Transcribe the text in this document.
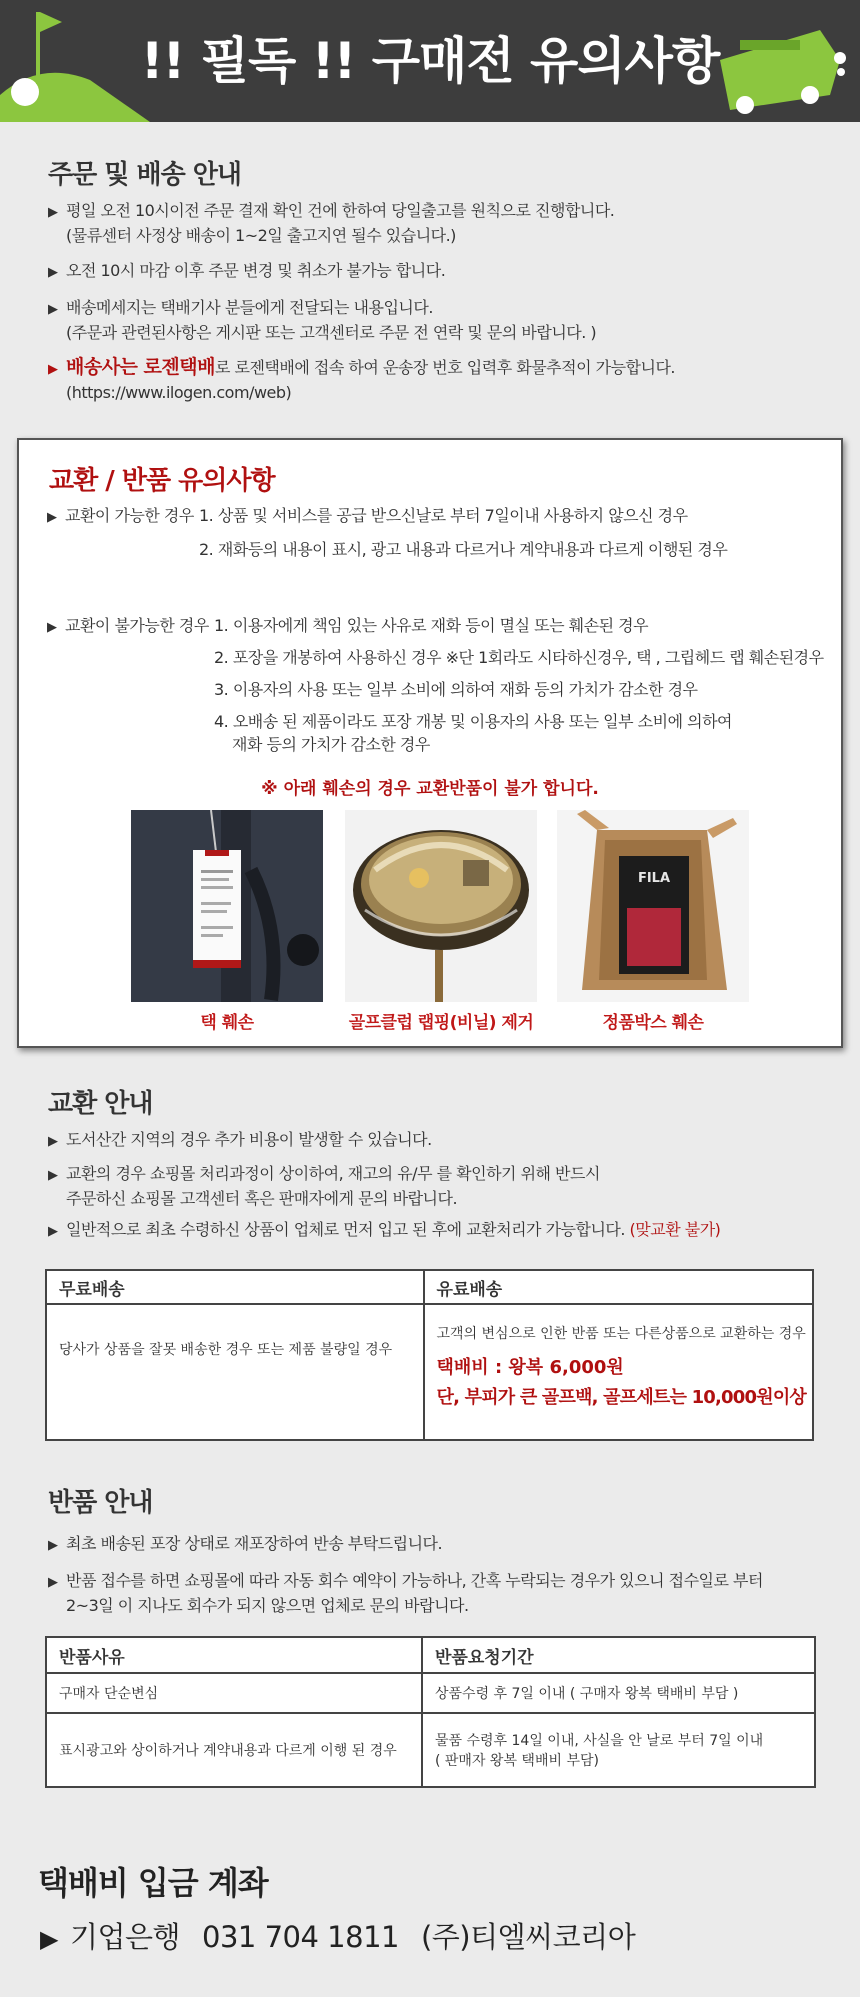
!! 필독 !! 구매전 유의사항
주문 및 배송 안내
▶ 평일 오전 10시이전 주문 결재 확인 건에 한하여 당일출고를 원칙으로 진행합니다.
(물류센터 사정상 배송이 1~2일 출고지연 될수 있습니다.)
▶ 오전 10시 마감 이후 주문 변경 및 취소가 불가능 합니다.
▶ 배송메세지는 택배기사 분들에게 전달되는 내용입니다.
(주문과 관련된사항은 게시판 또는 고객센터로 주문 전 연락 및 문의 바랍니다. )
▶ 배송사는 로젠택배로 로젠택배에 접속 하여 운송장 번호 입력후 화물추적이 가능합니다.
(https://www.ilogen.com/web)
교환 / 반품 유의사항
▶ 교환이 가능한 경우 1. 상품 및 서비스를 공급 받으신날로 부터 7일이내 사용하지 않으신 경우
2. 재화등의 내용이 표시, 광고 내용과 다르거나 계약내용과 다르게 이행된 경우
▶ 교환이 불가능한 경우 1. 이용자에게 책임 있는 사유로 재화 등이 멸실 또는 훼손된 경우
2. 포장을 개봉하여 사용하신 경우 ※단 1회라도 시타하신경우, 택 , 그립헤드 랩 훼손된경우
3. 이용자의 사용 또는 일부 소비에 의하여 재화 등의 가치가 감소한 경우
4. 오배송 된 제품이라도 포장 개봉 및 이용자의 사용 또는 일부 소비에 의하여
재화 등의 가치가 감소한 경우
※ 아래 훼손의 경우 교환반품이 불가 합니다.
FILA
택 훼손	골프클럽 랩핑(비닐) 제거	정품박스 훼손
교환 안내
▶ 도서산간 지역의 경우 추가 비용이 발생할 수 있습니다.
▶ 교환의 경우 쇼핑몰 처리과정이 상이하여, 재고의 유/무 를 확인하기 위해 반드시
주문하신 쇼핑몰 고객센터 혹은 판매자에게 문의 바랍니다.
▶ 일반적으로 최초 수령하신 상품이 업체로 먼저 입고 된 후에 교환처리가 가능합니다. (맞교환 불가)
무료배송	유료배송
당사가 상품을 잘못 배송한 경우 또는 제품 불량일 경우	고객의 변심으로 인한 반품 또는 다른상품으로 교환하는 경우
택배비 : 왕복 6,000원
단, 부피가 큰 골프백, 골프세트는 10,000원이상
반품 안내
▶ 최초 배송된 포장 상태로 재포장하여 반송 부탁드립니다.
▶ 반품 접수를 하면 쇼핑몰에 따라 자동 회수 예약이 가능하나, 간혹 누락되는 경우가 있으니 접수일로 부터
2~3일 이 지나도 회수가 되지 않으면 업체로 문의 바랍니다.
반품사유	반품요청기간
구매자 단순변심	상품수령 후 7일 이내 ( 구매자 왕복 택배비 부담 )
표시광고와 상이하거나 계약내용과 다르게 이행 된 경우	물품 수령후 14일 이내, 사실을 안 날로 부터 7일 이내
( 판매자 왕복 택배비 부담)
택배비 입금 계좌
▶ 기업은행 031 704 1811 (주)티엘씨코리아
